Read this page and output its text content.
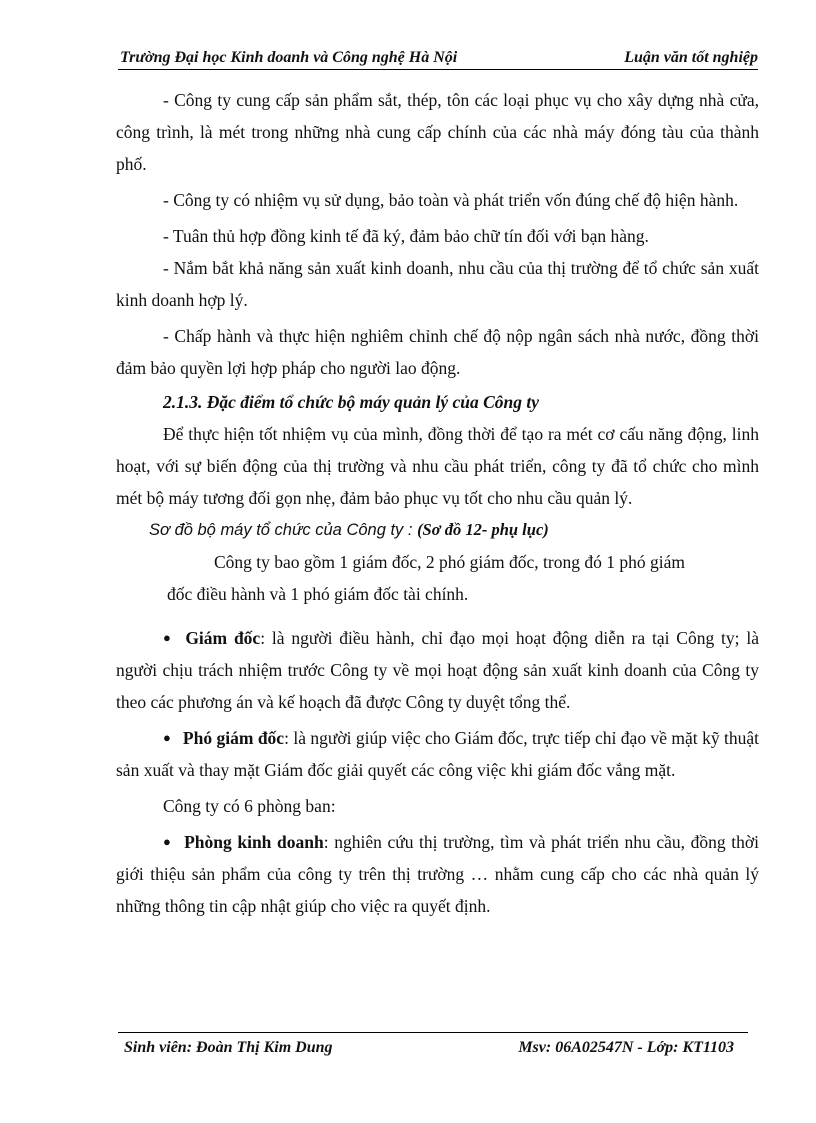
Trường Đại học Kinh doanh và Công nghệ Hà Nội	Luận văn tốt nghiệp

- Công ty cung cấp sản phẩm sắt, thép, tôn các loại phục vụ cho xây dựng nhà cửa, công trình, là mét trong những nhà cung cấp chính của các nhà máy đóng tàu của thành phố.

- Công ty có nhiệm vụ sử dụng, bảo toàn và phát triển vốn đúng chế độ hiện hành.

- Tuân thủ hợp đồng kinh tế đã ký, đảm bảo chữ tín đối với bạn hàng.

- Nắm bắt khả năng sản xuất kinh doanh, nhu cầu của thị trường để tổ chức sản xuất kinh doanh hợp lý.

- Chấp hành và thực hiện nghiêm chỉnh chế độ nộp ngân sách nhà nước, đồng thời đảm bảo quyền lợi hợp pháp cho người lao động.

2.1.3. Đặc điểm tổ chức bộ máy quản lý của Công ty

Để thực hiện tốt nhiệm vụ của mình, đồng thời để tạo ra mét cơ cấu năng động, linh hoạt, với sự biến động của thị trường và nhu cầu phát triển, công ty đã tổ chức cho mình mét bộ máy tương đối gọn nhẹ, đảm bảo phục vụ tốt cho nhu cầu quản lý.

Sơ đồ bộ máy tổ chức của Công ty : (Sơ đồ 12- phụ lục)

Công ty bao gồm 1 giám đốc, 2 phó giám đốc, trong đó 1 phó giám

đốc điều hành và 1 phó giám đốc tài chính.

● Giám đốc: là người điều hành, chỉ đạo mọi hoạt động diễn ra tại Công ty; là người chịu trách nhiệm trước Công ty về mọi hoạt động sản xuất kinh doanh của Công ty theo các phương án và kế hoạch đã được Công ty duyệt tổng thể.

● Phó giám đốc: là người giúp việc cho Giám đốc, trực tiếp chỉ đạo về mặt kỹ thuật sản xuất và thay mặt Giám đốc giải quyết các công việc khi giám đốc vắng mặt.

Công ty có 6 phòng ban:

● Phòng kinh doanh: nghiên cứu thị trường, tìm và phát triển nhu cầu, đồng thời giới thiệu sản phẩm của công ty trên thị trường … nhằm cung cấp cho các nhà quản lý những thông tin cập nhật giúp cho việc ra quyết định.

Sinh viên: Đoàn Thị Kim Dung	Msv: 06A02547N - Lớp: KT1103
